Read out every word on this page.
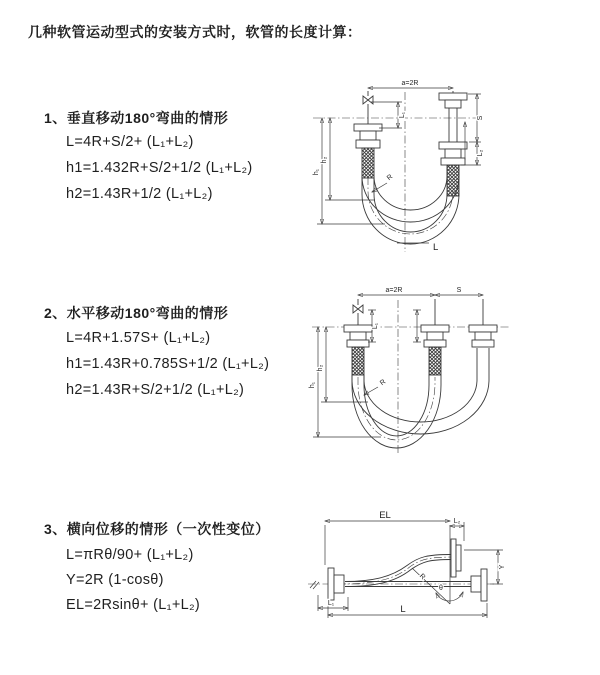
几种软管运动型式的安装方式时，软管的长度计算：
1、垂直移动180°弯曲的情形
L=4R+S/2+ (L₁+L₂)
h1=1.432R+S/2+1/2 (L₁+L₂)
h2=1.43R+1/2 (L₁+L₂)
2、水平移动180°弯曲的情形
L=4R+1.57S+ (L₁+L₂)
h1=1.43R+0.785S+1/2 (L₁+L₂)
h2=1.43R+S/2+1/2 (L₁+L₂)
3、横向位移的情形（一次性变位）
L=πRθ/90+ (L₁+L₂)
Y=2R (1-cosθ)
EL=2Rsinθ+ (L₁+L₂)
a=2R
h₁
h₂
L₁	S
L₂
R
L
a=2R	S
h₁
h₂
L₁
R
EL
L₂
Y
R
θ
L
L₁
